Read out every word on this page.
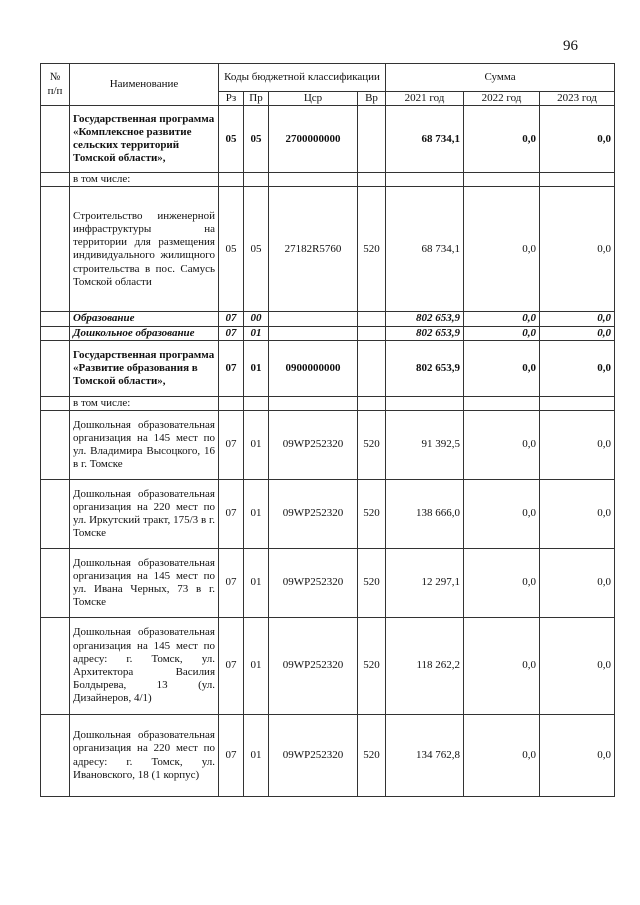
96
№ п/п	Наименование	Коды бюджетной классификации				Сумма		
		Рз	Пр	Цср	Вр	2021 год	2022 год	2023 год
	Государственная программа «Комплексное развитие сельских территорий Томской области»,	05	05	2700000000		68 734,1	0,0	0,0
	в том числе:							
	Строительство инженерной инфраструктуры на территории для размещения индивидуального жилищного строительства в пос. Самусь Томской области	05	05	27182R5760	520	68 734,1	0,0	0,0
	Образование	07	00			802 653,9	0,0	0,0
	Дошкольное образование	07	01			802 653,9	0,0	0,0
	Государственная программа «Развитие образования в Томской области»,	07	01	0900000000		802 653,9	0,0	0,0
	в том числе:							
	Дошкольная образовательная организация на 145 мест по ул. Владимира Высоцкого, 16 в г. Томске	07	01	09WP252320	520	91 392,5	0,0	0,0
	Дошкольная образовательная организация на 220 мест по ул. Иркутский тракт, 175/3 в г. Томске	07	01	09WP252320	520	138 666,0	0,0	0,0
	Дошкольная образовательная организация на 145 мест по ул. Ивана Черных, 73 в г. Томске	07	01	09WP252320	520	12 297,1	0,0	0,0
	Дошкольная образовательная организация на 145 мест по адресу: г. Томск, ул. Архитектора Василия Болдырева, 13 (ул. Дизайнеров, 4/1)	07	01	09WP252320	520	118 262,2	0,0	0,0
	Дошкольная образовательная организация на 220 мест по адресу: г. Томск, ул. Ивановского, 18 (1 корпус)	07	01	09WP252320	520	134 762,8	0,0	0,0
